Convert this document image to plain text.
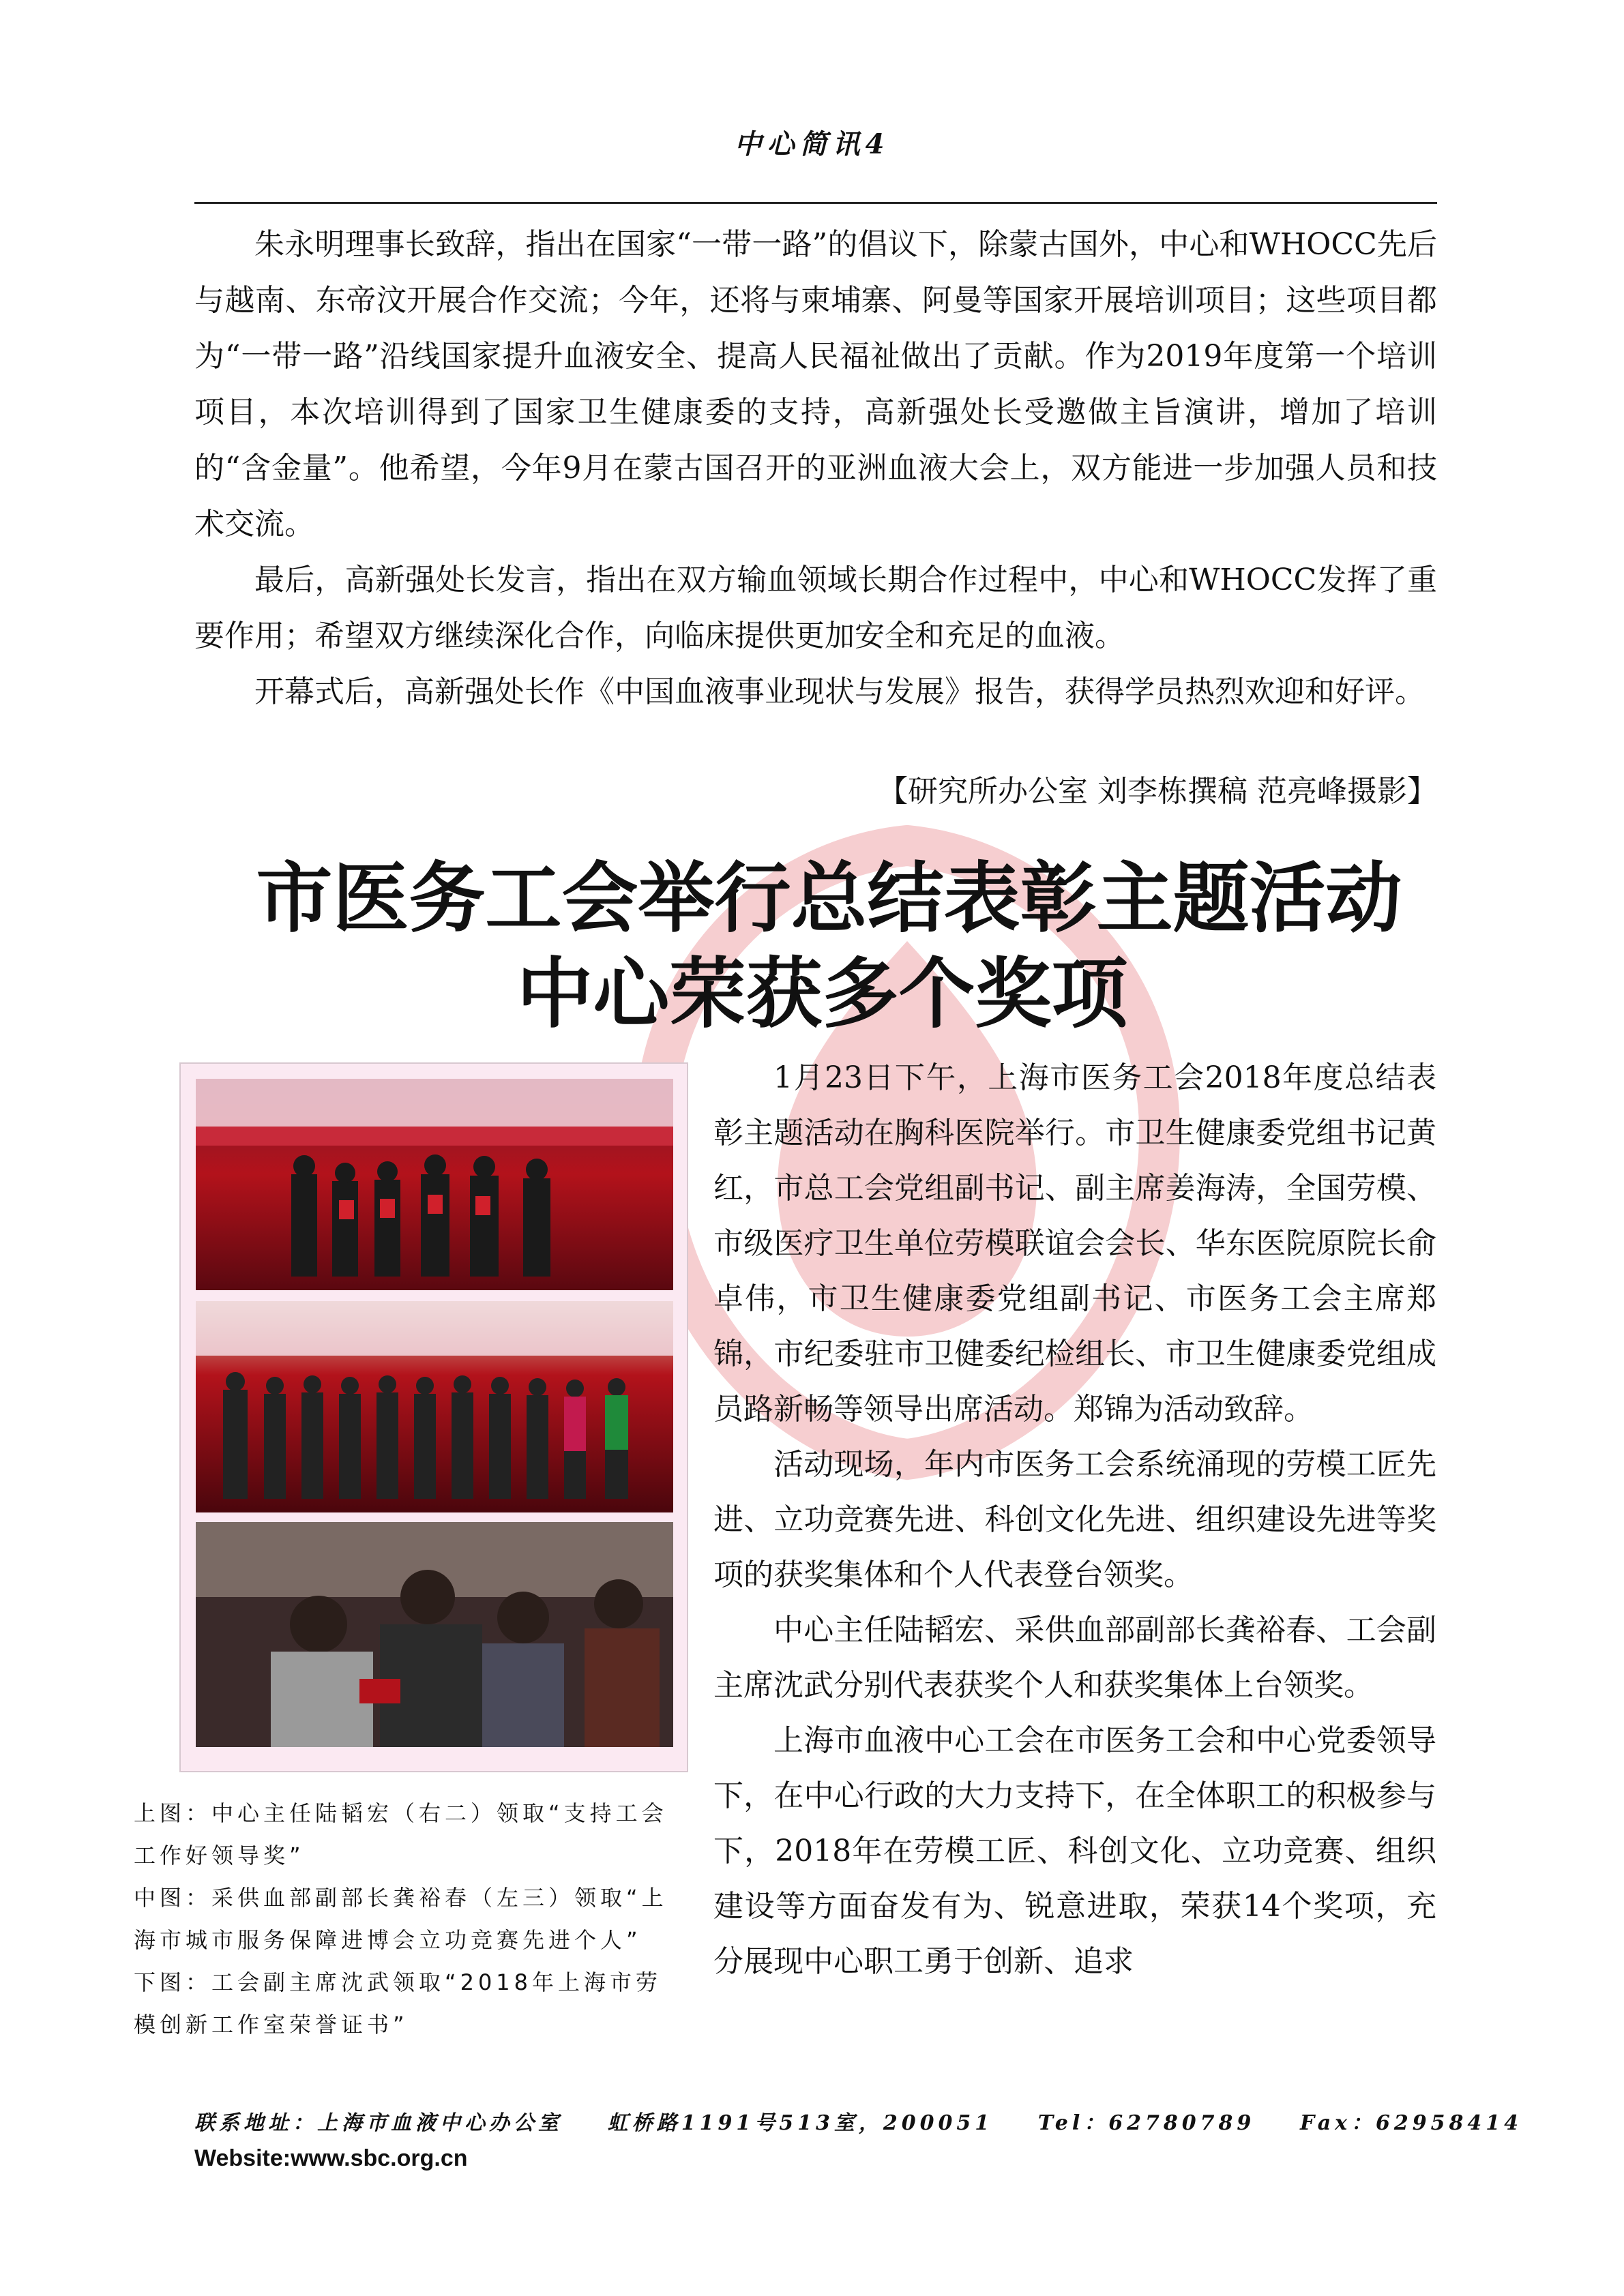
中心简讯4

朱永明理事长致辞，指出在国家“一带一路”的倡议下，除蒙古国外，中心和WHOCC先后与越南、东帝汶开展合作交流；今年，还将与柬埔寨、阿曼等国家开展培训项目；这些项目都为“一带一路”沿线国家提升血液安全、提高人民福祉做出了贡献。作为2019年度第一个培训项目，本次培训得到了国家卫生健康委的支持，高新强处长受邀做主旨演讲，增加了培训的“含金量”。他希望，今年9月在蒙古国召开的亚洲血液大会上，双方能进一步加强人员和技术交流。

最后，高新强处长发言，指出在双方输血领域长期合作过程中，中心和WHOCC发挥了重要作用；希望双方继续深化合作，向临床提供更加安全和充足的血液。

开幕式后，高新强处长作《中国血液事业现状与发展》报告，获得学员热烈欢迎和好评。

【研究所办公室 刘李栋撰稿 范亮峰摄影】
市医务工会举行总结表彰主题活动
中心荣获多个奖项

1月23日下午，上海市医务工会2018年度总结表彰主题活动在胸科医院举行。市卫生健康委党组书记黄红，市总工会党组副书记、副主席姜海涛，全国劳模、市级医疗卫生单位劳模联谊会会长、华东医院原院长俞卓伟，市卫生健康委党组副书记、市医务工会主席郑锦，市纪委驻市卫健委纪检组长、市卫生健康委党组成员路新畅等领导出席活动。郑锦为活动致辞。

活动现场，年内市医务工会系统涌现的劳模工匠先进、立功竞赛先进、科创文化先进、组织建设先进等奖项的获奖集体和个人代表登台领奖。

中心主任陆韬宏、采供血部副部长龚裕春、工会副主席沈武分别代表获奖个人和获奖集体上台领奖。

上海市血液中心工会在市医务工会和中心党委领导下，在中心行政的大力支持下，在全体职工的积极参与下，2018年在劳模工匠、科创文化、立功竞赛、组织建设等方面奋发有为、锐意进取，荣获14个奖项，充分展现中心职工勇于创新、追求

上图：中心主任陆韬宏（右二）领取“支持工会工作好领导奖”

中图：采供血部副部长龚裕春（左三）领取“上海市城市服务保障进博会立功竞赛先进个人”

下图：工会副主席沈武领取“2018年上海市劳模创新工作室荣誉证书”

联系地址：上海市血液中心办公室    虹桥路1191号513室，200051    Tel：62780789    Fax：62958414
Website:www.sbc.org.cn
